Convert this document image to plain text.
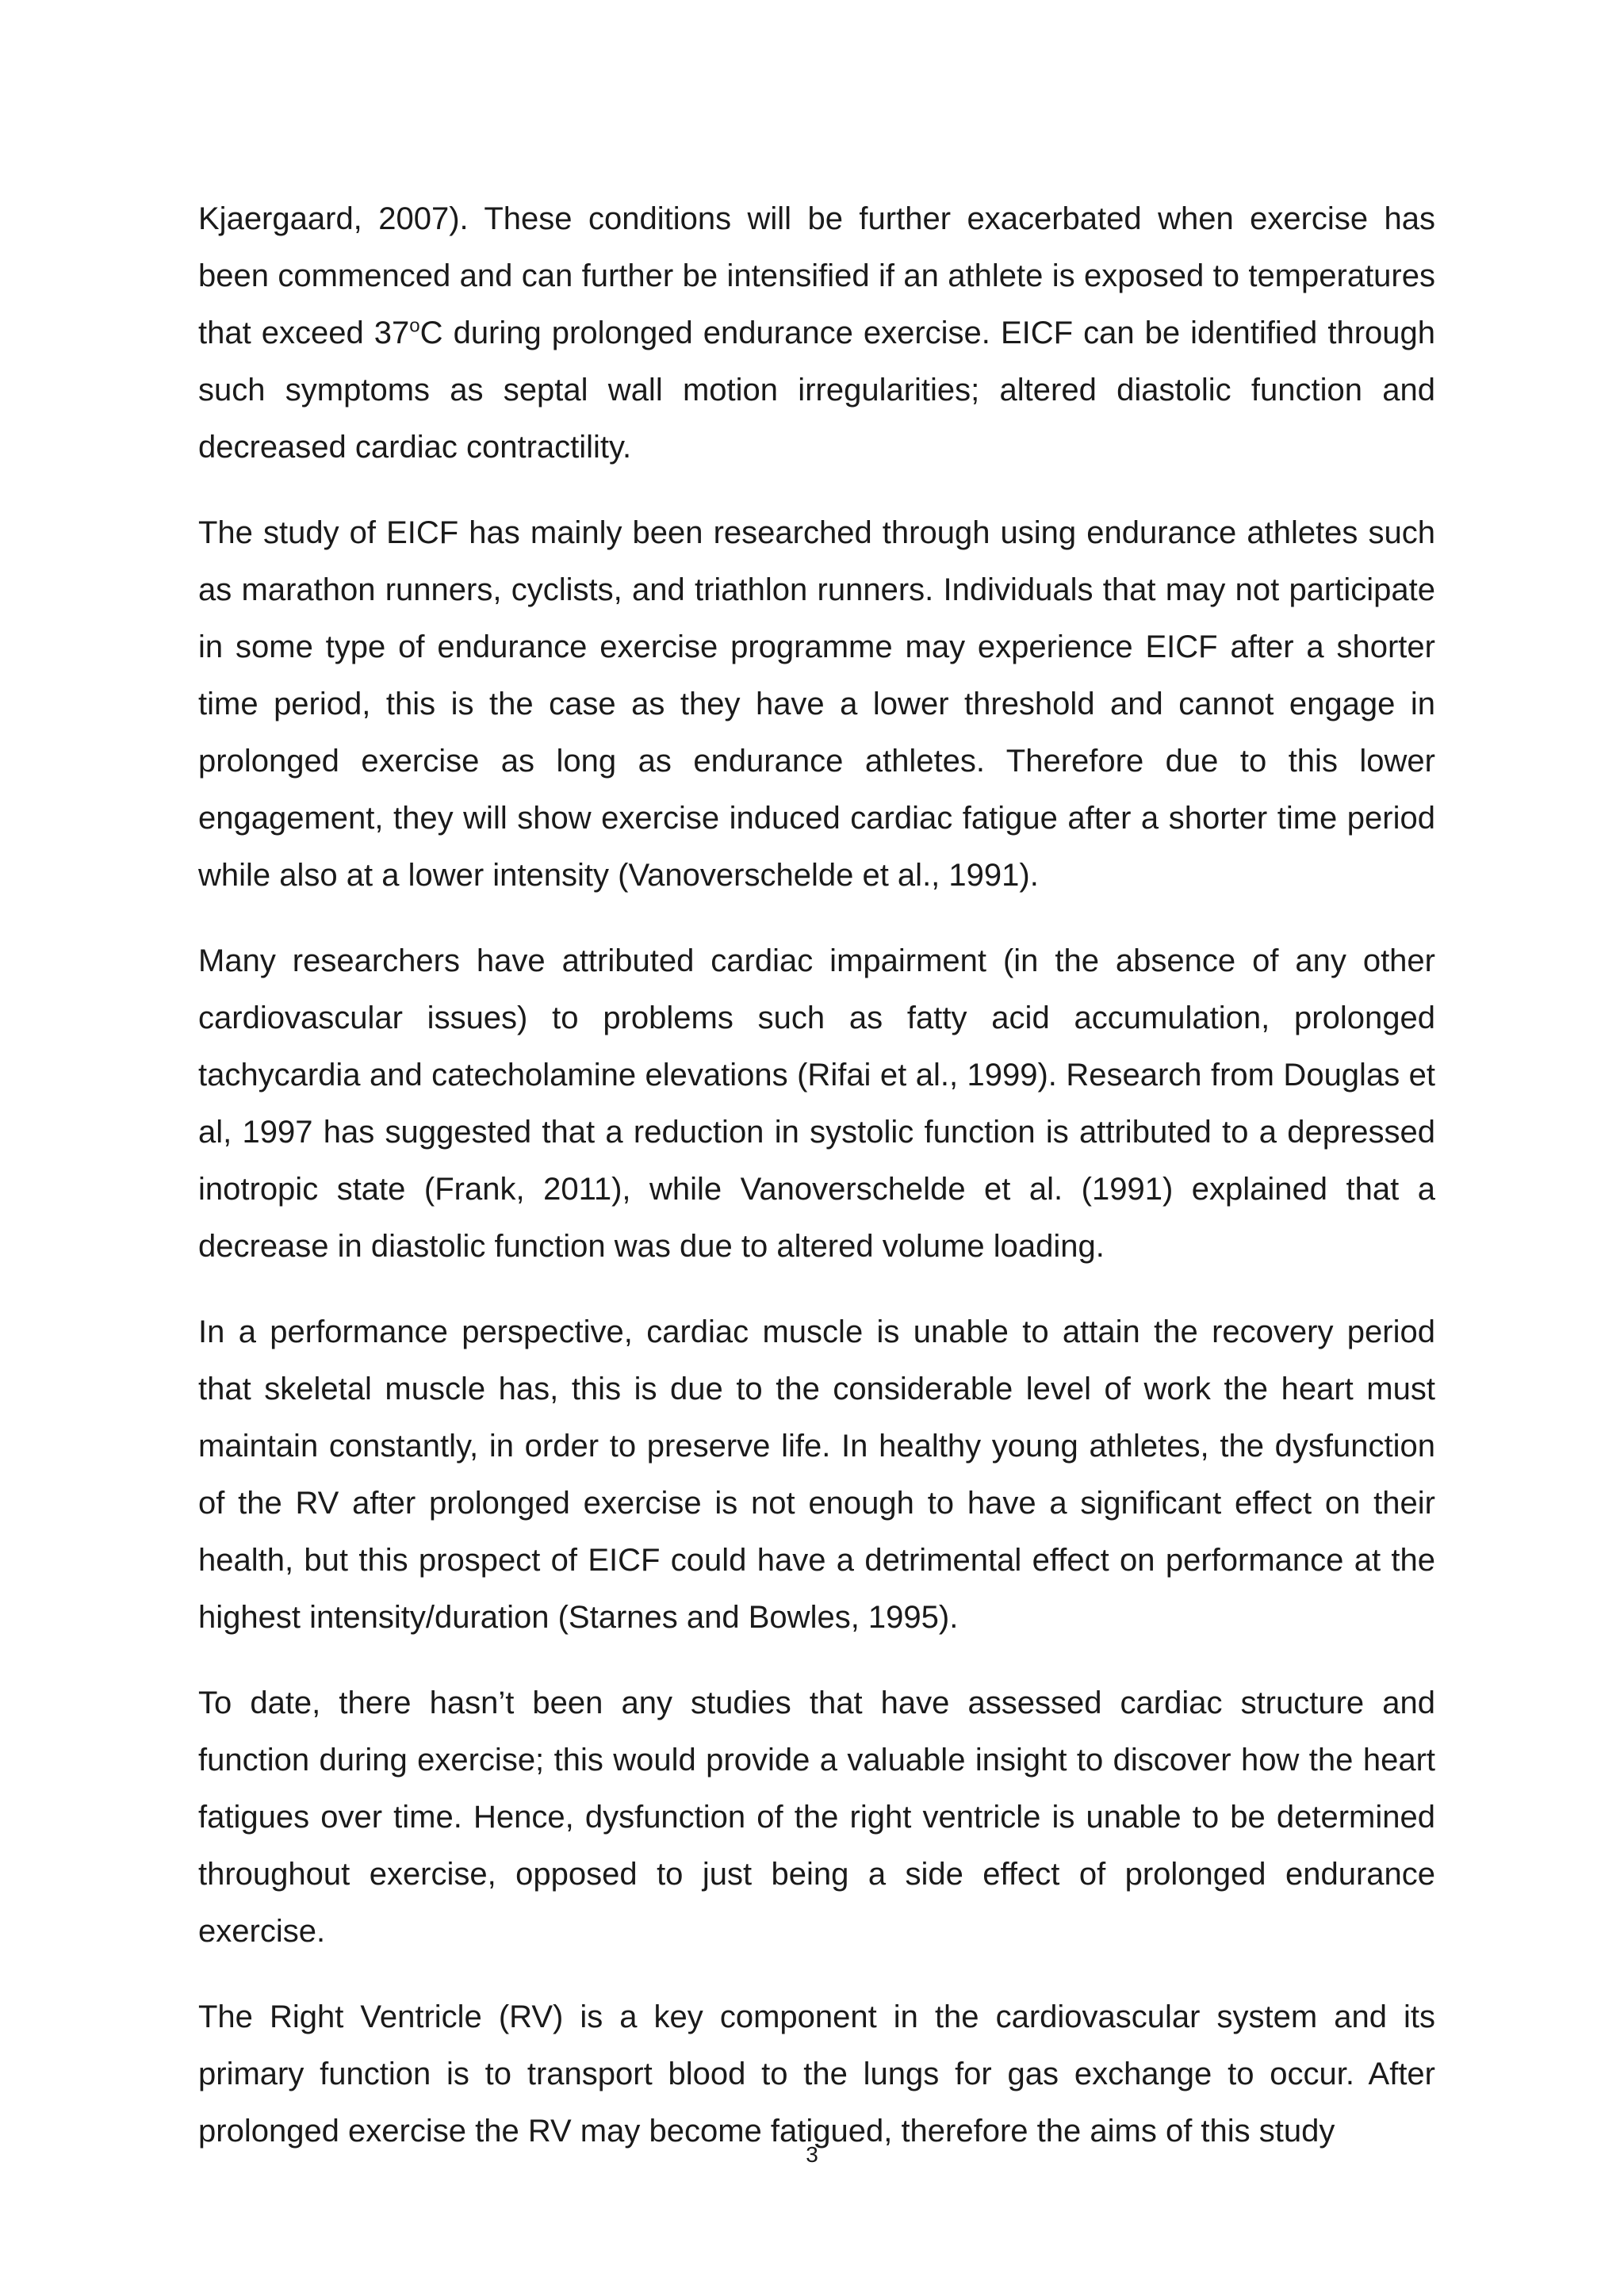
Kjaergaard, 2007). These conditions will be further exacerbated when exercise has been commenced and can further be intensified if an athlete is exposed to temperatures that exceed 37$^o$C during prolonged endurance exercise. EICF can be identified through such symptoms as septal wall motion irregularities; altered diastolic function and decreased cardiac contractility.

The study of EICF has mainly been researched through using endurance athletes such as marathon runners, cyclists, and triathlon runners. Individuals that may not participate in some type of endurance exercise programme may experience EICF after a shorter time period, this is the case as they have a lower threshold and cannot engage in prolonged exercise as long as endurance athletes. Therefore due to this lower engagement, they will show exercise induced cardiac fatigue after a shorter time period while also at a lower intensity (Vanoverschelde et al., 1991).

Many researchers have attributed cardiac impairment (in the absence of any other cardiovascular issues) to problems such as fatty acid accumulation, prolonged tachycardia and catecholamine elevations (Rifai et al., 1999). Research from Douglas et al, 1997 has suggested that a reduction in systolic function is attributed to a depressed inotropic state (Frank, 2011), while Vanoverschelde et al. (1991) explained that a decrease in diastolic function was due to altered volume loading.

In a performance perspective, cardiac muscle is unable to attain the recovery period that skeletal muscle has, this is due to the considerable level of work the heart must maintain constantly, in order to preserve life. In healthy young athletes, the dysfunction of the RV after prolonged exercise is not enough to have a significant effect on their health, but this prospect of EICF could have a detrimental effect on performance at the highest intensity/duration (Starnes and Bowles, 1995).

To date, there hasn’t been any studies that have assessed cardiac structure and function during exercise; this would provide a valuable insight to discover how the heart fatigues over time. Hence, dysfunction of the right ventricle is unable to be determined throughout exercise, opposed to just being a side effect of prolonged endurance exercise.

The Right Ventricle (RV) is a key component in the cardiovascular system and its primary function is to transport blood to the lungs for gas exchange to occur. After prolonged exercise the RV may become fatigued, therefore the aims of this study

3
